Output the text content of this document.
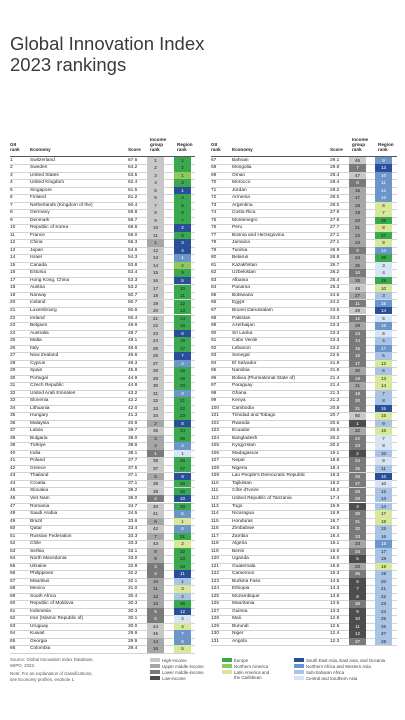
Global Innovation Index
2023 rankings
GII
rank Economy	Score
Income
group
rank
Region
rank
GII
rank Economy	Score
Income
group
rank
Region
rank
1	Switzerland	67.6	1	1
2	Sweden	64.2	2	2
3	United States	63.5	3	1
4	United Kingdom	62.4	4	3
5	Singapore	61.5	5	1
6	Finland	61.2	6	4
7	Netherlands (Kingdom of the)	60.4	7	5
8	Germany	58.8	8	6
9	Denmark	58.7	9	7
10	Republic of Korea	58.6	10	2
11	France	56.0	11	8
12	China	55.3	1	3
13	Japan	54.6	12	4
14	Israel	54.3	13	1
15	Canada	53.8	14	2
16	Estonia	53.4	15	9
17	Hong Kong, China	53.3	16	5
18	Austria	53.2	17	10
19	Norway	50.7	18	11
20	Iceland	50.7	19	12
21	Luxembourg	50.6	20	13
22	Ireland	50.4	21	14
23	Belgium	49.9	22	15
24	Australia	49.7	23	6
25	Malta	49.1	24	16
26	Italy	46.6	25	17
27	New Zealand	46.6	26	7
28	Cyprus	46.3	27	2
29	Spain	45.9	28	18
30	Portugal	44.9	29	19
31	Czech Republic	44.8	30	20
32	United Arab Emirates	43.2	31	3
33	Slovenia	42.2	32	21
34	Lithuania	42.0	33	22
35	Hungary	41.3	34	23
36	Malaysia	40.9	2	8
37	Latvia	39.7	35	24
38	Bulgaria	39.0	3	25
39	Türkiye	38.6	4	4
40	India	38.1	1	1
41	Poland	37.7	36	26
42	Greece	37.5	37	27
43	Thailand	37.1	5	9
44	Croatia	37.1	38	28
45	Slovakia	36.2	39	29
46	Viet Nam	36.0	2	10
47	Romania	34.7	40	30
48	Saudi Arabia	34.5	41	5
49	Brazil	33.6	6	1
50	Qatar	33.4	42	6
51	Russian Federation	33.3	7	31
52	Chile	33.3	43	2
53	Serbia	33.1	8	32
54	North Macedonia	33.0	9	33
55	Ukraine	32.8	3	34
56	Philippines	32.2	4	11
57	Mauritius	32.1	10	1
58	Mexico	31.0	11	3
59	South Africa	30.4	12	2
60	Republic of Moldova	30.3	13	35
61	Indonesia	30.3	5	12
62	Iran (Islamic Republic of)	30.1	6	2
63	Uruguay	30.0	44	4
64	Kuwait	29.9	45	7
65	Georgia	29.9	14	8
66	Colombia	29.4	15	5
67	Bahrain	29.1	46	9
68	Mongolia	28.8	7	13
69	Oman	28.4	47	10
70	Morocco	28.4	8	11
71	Jordan	28.2	16	12
72	Armenia	28.0	17	13
73	Argentina	28.0	18	6
74	Costa Rica	27.9	19	7
75	Montenegro	27.8	20	36
76	Peru	27.7	21	8
77	Bosnia and Herzegovina	27.1	22	37
78	Jamaica	27.1	23	9
79	Tunisia	26.9	9	14
80	Belarus	26.8	24	38
81	Kazakhstan	26.7	25	3
82	Uzbekistan	26.2	10	4
83	Albania	25.4	26	39
84	Panama	25.3	48	10
85	Botswana	24.6	27	3
86	Egypt	24.2	11	15
87	Brunei Darussalam	23.5	49	14
88	Pakistan	23.3	12	5
89	Azerbaijan	23.3	28	16
90	Sri Lanka	23.3	13	6
91	Cabo Verde	23.3	14	4
92	Lebanon	23.2	15	17
93	Senegal	22.5	16	5
94	El Salvador	21.8	17	12
95	Namibia	21.8	30	6
96	Bolivia (Plurinational State of)	21.4	18	13
97	Paraguay	21.4	31	14
98	Ghana	21.3	19	7
99	Kenya	21.2	20	8
100	Cambodia	20.8	21	15
101	Trinidad and Tobago	20.7	50	15
102	Rwanda	20.6	1	9
103	Ecuador	20.5	32	16
104	Bangladesh	20.2	22	7
105	Kyrgyzstan	20.2	23	8
106	Madagascar	19.1	2	10
107	Nepal	18.8	24	9
108	Nigeria	18.4	25	11
109	Lao People's Democratic Republic	18.3	26	16
110	Tajikistan	18.2	27	10
111	Côte d'Ivoire	18.2	28	12
112	United Republic of Tanzania	17.4	29	13
113	Togo	16.9	3	14
114	Nicaragua	16.9	30	17
115	Honduras	16.7	31	18
116	Zimbabwe	16.5	32	15
117	Zambia	16.4	33	16
118	Algeria	16.1	33	18
119	Benin	16.0	34	17
120	Uganda	16.0	5	18
121	Guatemala	15.8	33	19
122	Cameroon	15.3	35	19
123	Burkina Faso	14.5	6	20
124	Ethiopia	14.3	7	21
125	Mozambique	13.8	8	22
126	Mauritania	13.5	36	23
127	Guinea	13.3	9	24
128	Mali	12.9	10	25
129	Burundi	12.5	11	26
130	Niger	12.4	12	27
131	Angola	12.3	37	28
Source: Global Innovation Index Database,
WIPO, 2023.
Note: For an explanation of classifications,
see Economy profiles, endnote 1.
High-income
Upper middle-income
Lower middle-income
Low-income
Europe
Northern America
Latin America and
the Caribbean
South East Asia, East Asia, and Oceania
Northern Africa and Western Asia
Sub-Saharan Africa
Central and Southern Asia
